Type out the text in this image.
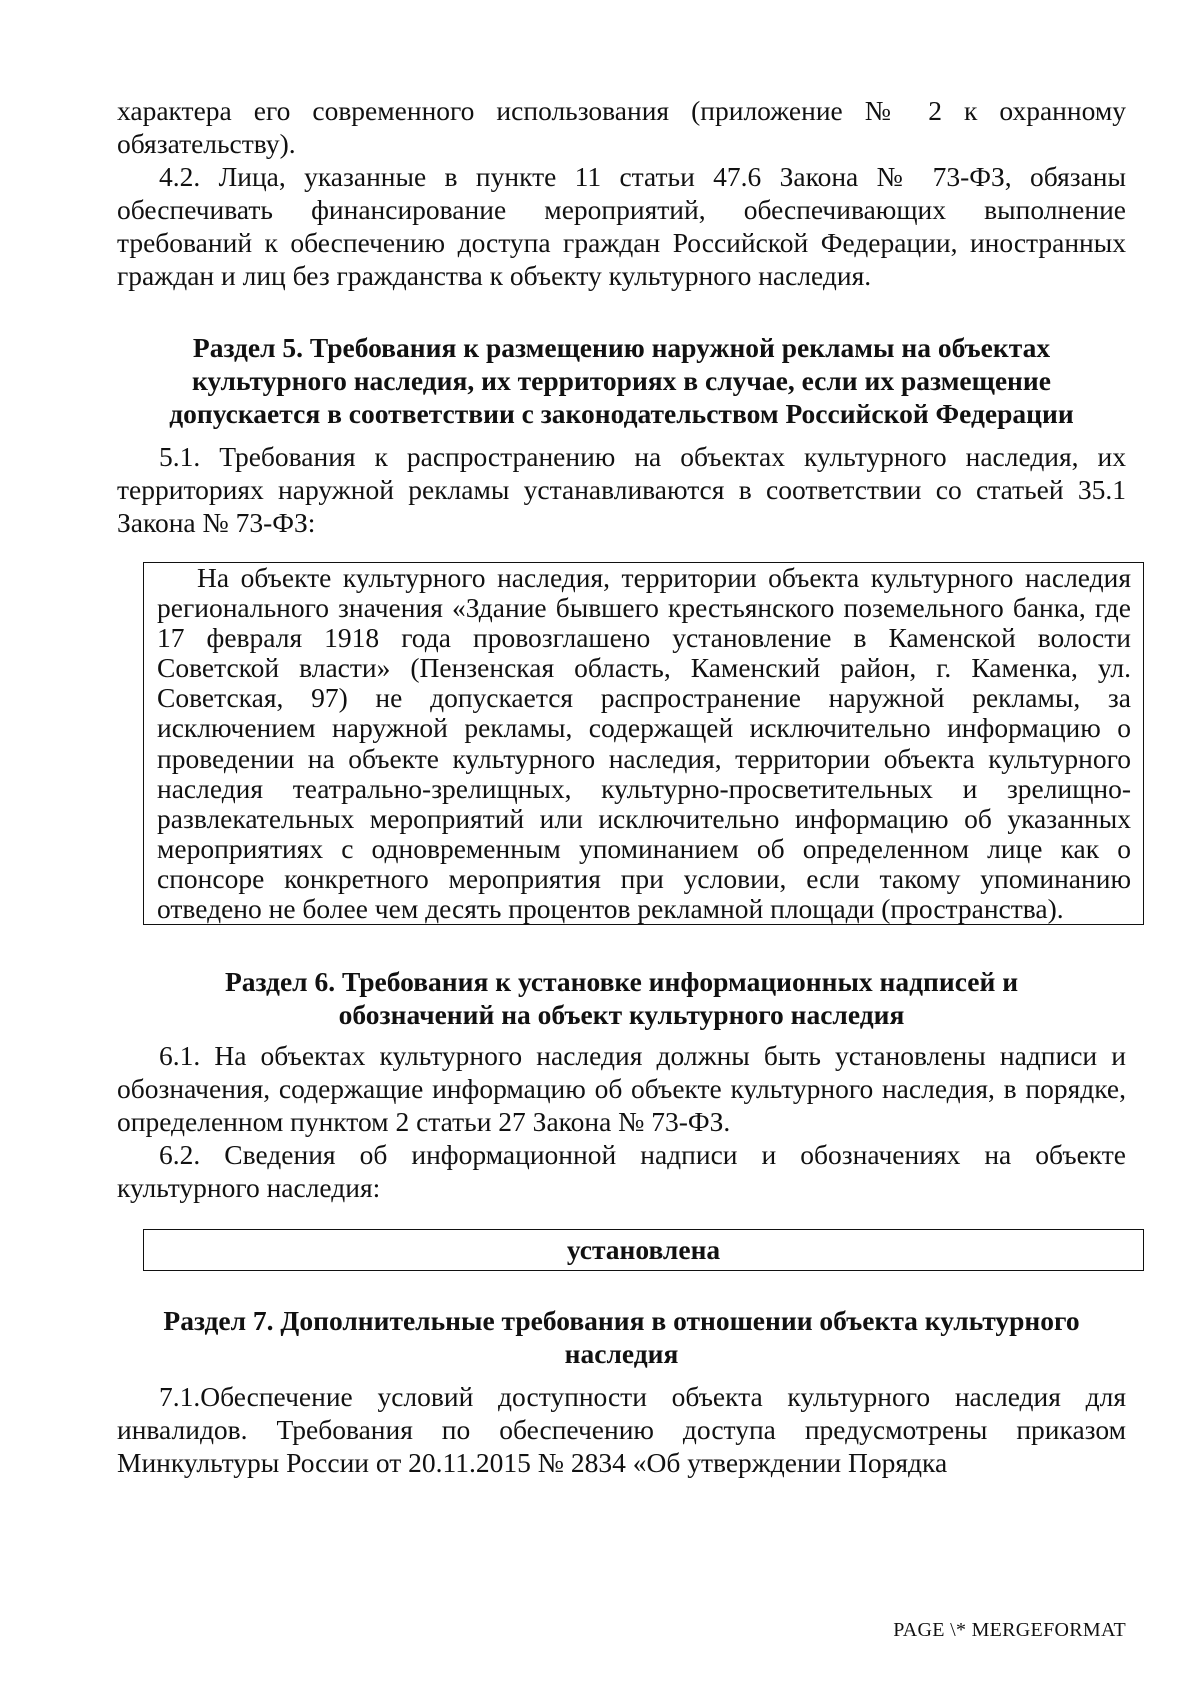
характера его современного использования (приложение № 2 к охранному обязательству).

4.2. Лица, указанные в пункте 11 статьи 47.6 Закона № 73-ФЗ, обязаны обеспечивать финансирование мероприятий, обеспечивающих выполнение требований к обеспечению доступа граждан Российской Федерации, иностранных граждан и лиц без гражданства к объекту культурного наследия.

Раздел 5. Требования к размещению наружной рекламы на объектах культурного наследия, их территориях в случае, если их размещение допускается в соответствии с законодательством Российской Федерации

5.1. Требования к распространению на объектах культурного наследия, их территориях наружной рекламы устанавливаются в соответствии со статьей 35.1 Закона № 73-ФЗ:

На объекте культурного наследия, территории объекта культурного наследия регионального значения «Здание бывшего крестьянского поземельного банка, где 17 февраля 1918 года провозглашено установление в Каменской волости Советской власти» (Пензенская область, Каменский район, г. Каменка, ул. Советская, 97) не допускается распространение наружной рекламы, за исключением наружной рекламы, содержащей исключительно информацию о проведении на объекте культурного наследия, территории объекта культурного наследия театрально-зрелищных, культурно-просветительных и зрелищно-развлекательных мероприятий или исключительно информацию об указанных мероприятиях с одновременным упоминанием об определенном лице как о спонсоре конкретного мероприятия при условии, если такому упоминанию отведено не более чем десять процентов рекламной площади (пространства).

Раздел 6. Требования к установке информационных надписей и обозначений на объект культурного наследия

6.1. На объектах культурного наследия должны быть установлены надписи и обозначения, содержащие информацию об объекте культурного наследия, в порядке, определенном пунктом 2 статьи 27 Закона № 73-ФЗ.

6.2. Сведения об информационной надписи и обозначениях на объекте культурного наследия:

установлена

Раздел 7. Дополнительные требования в отношении объекта культурного наследия

7.1.Обеспечение условий доступности объекта культурного наследия для инвалидов. Требования по обеспечению доступа предусмотрены приказом Минкультуры России от 20.11.2015 № 2834 «Об утверждении Порядка

PAGE \* MERGEFORMAT
